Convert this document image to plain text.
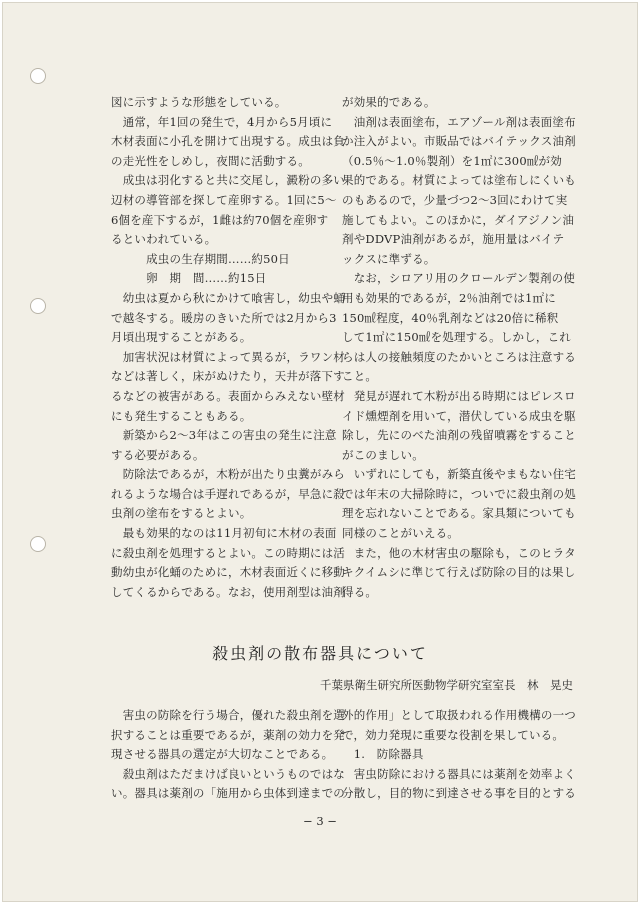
図に示すような形態をしている。
　通常，年1回の発生で，4月から5月頃に
木材表面に小孔を開けて出現する。成虫は負
の走光性をしめし，夜間に活動する。
　成虫は羽化すると共に交尾し，澱粉の多い
辺材の導管部を探して産卵する。1回に5〜
6個を産下するが，1雌は約70個を産卵す
るといわれている。
　　　成虫の生存期間……約50日
　　　卵　期　間……約15日
　幼虫は夏から秋にかけて喰害し，幼虫や蛹
で越冬する。暖房のきいた所では2月から3
月頃出現することがある。
　加害状況は材質によって異るが，ラワン材
などは著しく，床がぬけたり，天井が落下す
るなどの被害がある。表面からみえない壁材
にも発生することもある。
　新築から2〜3年はこの害虫の発生に注意
する必要がある。
　防除法であるが，木粉が出たり虫糞がみら
れるような場合は手遅れであるが，早急に殺
虫剤の塗布をするとよい。
　最も効果的なのは11月初旬に木材の表面
に殺虫剤を処理するとよい。この時期には活
動幼虫が化蛹のために，木材表面近くに移動
してくるからである。なお，使用剤型は油剤
が効果的である。
　油剤は表面塗布，エアゾール剤は表面塗布
か注入がよい。市販品ではバイテックス油剤
（0.5％〜1.0％製剤）を1㎡に300㎖が効
果的である。材質によっては塗布しにくいも
のもあるので，少量づつ2〜3回にわけて実
施してもよい。このほかに，ダイアジノン油
剤やDDVP油剤があるが，施用量はバイテ
ックスに準ずる。
　なお，シロアリ用のクロールデン製剤の使
用も効果的であるが，2％油剤では1㎡に
150㎖程度，40％乳剤などは20倍に稀釈
して1㎡に150㎖を処理する。しかし，これ
らは人の接触頻度のたかいところは注意する
こと。
　発見が遅れて木粉が出る時期にはピレスロ
イド燻煙剤を用いて，潜伏している成虫を駆
除し，先にのべた油剤の残留噴霧をすること
がこのましい。
　いずれにしても，新築直後やまもない住宅
では年末の大掃除時に，ついでに殺虫剤の処
理を忘れないことである。家具類についても
同様のことがいえる。
　また，他の木材害虫の駆除も，このヒラタ
キクイムシに準じて行えば防除の目的は果し
得る。
殺虫剤の散布器具について
千葉県衛生研究所医動物学研究室室長　林　晃史
　害虫の防除を行う場合，優れた殺虫剤を選
択することは重要であるが，薬剤の効力を発
現させる器具の選定が大切なことである。
　殺虫剤はただまけば良いというものではな
い。器具は薬剤の「施用から虫体到達までの
外的作用」として取扱われる作用機構の一つ
で，効力発現に重要な役割を果している。
　1.　防除器具
　害虫防除における器具には薬剤を効率よく
分散し，目的物に到達させる事を目的とする
− 3 −
